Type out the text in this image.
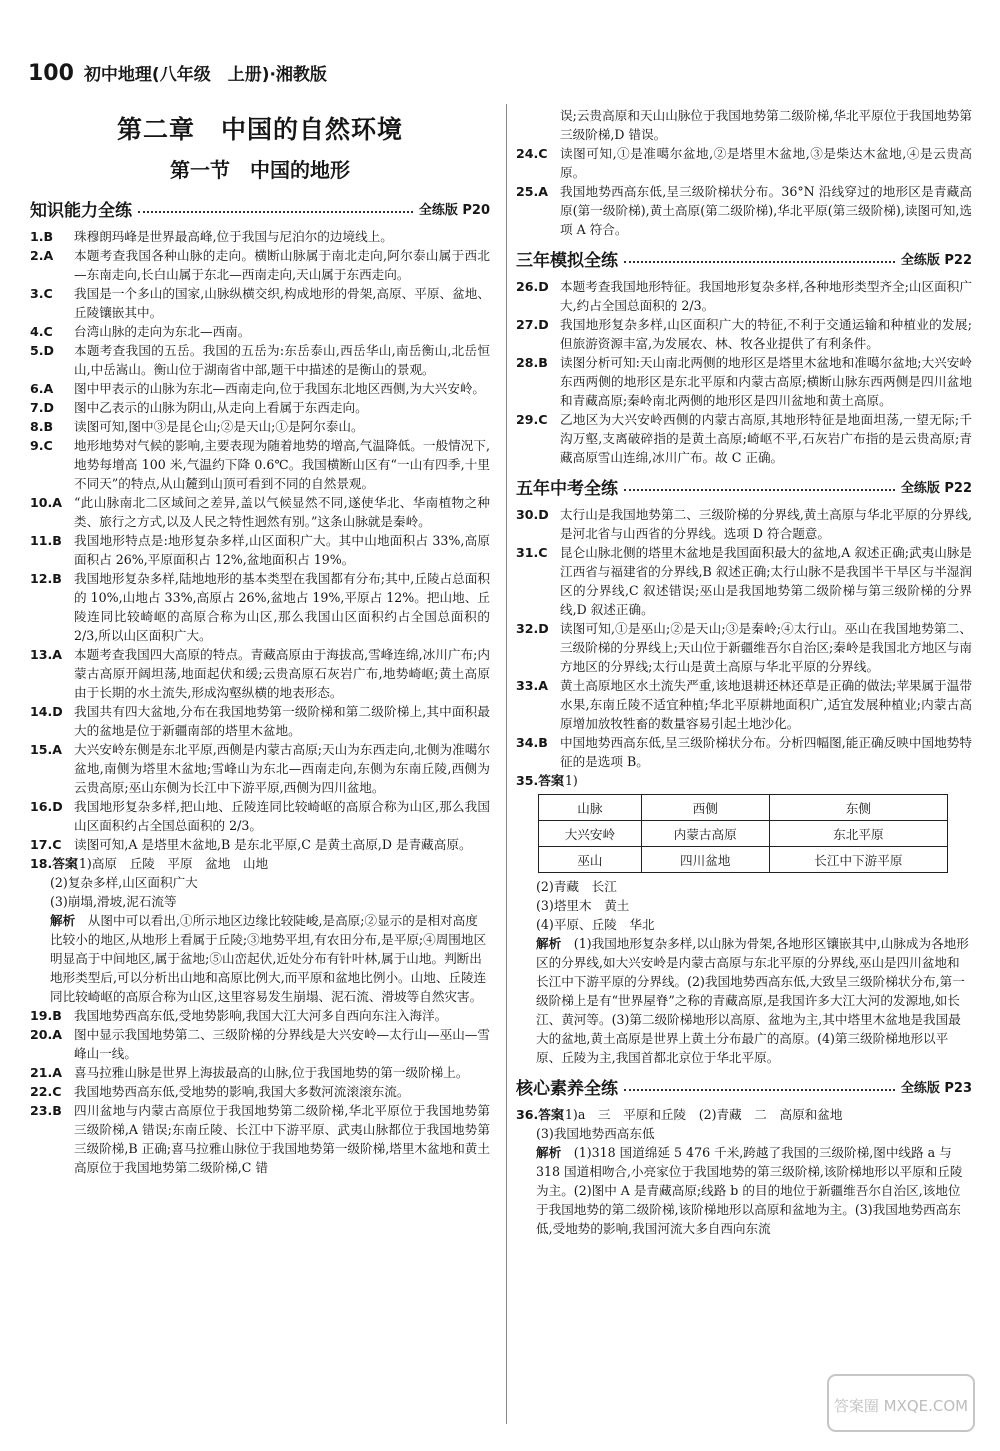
100 初中地理(八年级　上册)·湘教版
第二章　中国的自然环境
第一节　中国的地形
知识能力全练	全练版 P20
1.B	珠穆朗玛峰是世界最高峰,位于我国与尼泊尔的边境线上。
2.A	本题考查我国各种山脉的走向。横断山脉属于南北走向,阿尔泰山属于西北—东南走向,长白山属于东北—西南走向,天山属于东西走向。
3.C	我国是一个多山的国家,山脉纵横交织,构成地形的骨架,高原、平原、盆地、丘陵镶嵌其中。
4.C	台湾山脉的走向为东北—西南。
5.D	本题考查我国的五岳。我国的五岳为:东岳泰山,西岳华山,南岳衡山,北岳恒山,中岳嵩山。衡山位于湖南省中部,题干中描述的是衡山的景观。
6.A	图中甲表示的山脉为东北—西南走向,位于我国东北地区西侧,为大兴安岭。
7.D	图中乙表示的山脉为阴山,从走向上看属于东西走向。
8.B	读图可知,图中③是昆仑山;②是天山;①是阿尔泰山。
9.C	地形地势对气候的影响,主要表现为随着地势的增高,气温降低。一般情况下,地势每增高 100 米,气温约下降 0.6℃。我国横断山区有“一山有四季,十里不同天”的特点,从山麓到山顶可看到不同的自然景观。
10.A “此山脉南北二区域间之差异,盖以气候显然不同,遂使华北、华南植物之种类、旅行之方式,以及人民之特性迥然有别。”这条山脉就是秦岭。
11.B 我国地形特点是:地形复杂多样,山区面积广大。其中山地面积占 33%,高原面积占 26%,平原面积占 12%,盆地面积占 19%。
12.B 我国地形复杂多样,陆地地形的基本类型在我国都有分布;其中,丘陵占总面积的 10%,山地占 33%,高原占 26%,盆地占 19%,平原占 12%。把山地、丘陵连同比较崎岖的高原合称为山区,那么我国山区面积约占全国总面积的 2/3,所以山区面积广大。
13.A 本题考查我国四大高原的特点。青藏高原由于海拔高,雪峰连绵,冰川广布;内蒙古高原开阔坦荡,地面起伏和缓;云贵高原石灰岩广布,地势崎岖;黄土高原由于长期的水土流失,形成沟壑纵横的地表形态。
14.D 我国共有四大盆地,分布在我国地势第一级阶梯和第二级阶梯上,其中面积最大的盆地是位于新疆南部的塔里木盆地。
15.A 大兴安岭东侧是东北平原,西侧是内蒙古高原;天山为东西走向,北侧为准噶尔盆地,南侧为塔里木盆地;雪峰山为东北—西南走向,东侧为东南丘陵,西侧为云贵高原;巫山东侧为长江中下游平原,西侧为四川盆地。
16.D 我国地形复杂多样,把山地、丘陵连同比较崎岖的高原合称为山区,那么我国山区面积约占全国总面积的 2/3。
17.C 读图可知,A 是塔里木盆地,B 是东北平原,C 是黄土高原,D 是青藏高原。
18.答案
(1)高原　丘陵　平原　盆地　山地
(2)复杂多样,山区面积广大
(3)崩塌,滑坡,泥石流等
解析　 从图中可以看出,①所示地区边缘比较陡峻,是高原;②显示的是相对高度比较小的地区,从地形上看属于丘陵;③地势平坦,有农田分布,是平原;④周围地区明显高于中间地区,属于盆地;⑤山峦起伏,近处分布有针叶林,属于山地。判断出地形类型后,可以分析出山地和高原比例大,而平原和盆地比例小。山地、丘陵连同比较崎岖的高原合称为山区,这里容易发生崩塌、泥石流、滑坡等自然灾害。
19.B 我国地势西高东低,受地势影响,我国大江大河多自西向东注入海洋。
20.A 图中显示我国地势第二、三级阶梯的分界线是大兴安岭—太行山—巫山—雪峰山一线。
21.A 喜马拉雅山脉是世界上海拔最高的山脉,位于我国地势的第一级阶梯上。
22.C 我国地势西高东低,受地势的影响,我国大多数河流滚滚东流。
23.B 四川盆地与内蒙古高原位于我国地势第二级阶梯,华北平原位于我国地势第三级阶梯,A 错误;东南丘陵、长江中下游平原、武夷山脉都位于我国地势第三级阶梯,B 正确;喜马拉雅山脉位于我国地势第一级阶梯,塔里木盆地和黄土高原位于我国地势第二级阶梯,C 错
误;云贵高原和天山山脉位于我国地势第二级阶梯,华北平原位于我国地势第三级阶梯,D 错误。
24.C 读图可知,①是准噶尔盆地,②是塔里木盆地,③是柴达木盆地,④是云贵高原。
25.A 我国地势西高东低,呈三级阶梯状分布。36°N 沿线穿过的地形区是青藏高原(第一级阶梯),黄土高原(第二级阶梯),华北平原(第三级阶梯),读图可知,选项 A 符合。
三年模拟全练	全练版 P22
26.D 本题考查我国地形特征。我国地形复杂多样,各种地形类型齐全;山区面积广大,约占全国总面积的 2/3。
27.D 我国地形复杂多样,山区面积广大的特征,不利于交通运输和种植业的发展;但旅游资源丰富,为发展农、林、牧各业提供了有利条件。
28.B 读图分析可知:天山南北两侧的地形区是塔里木盆地和准噶尔盆地;大兴安岭东西两侧的地形区是东北平原和内蒙古高原;横断山脉东西两侧是四川盆地和青藏高原;秦岭南北两侧的地形区是四川盆地和黄土高原。
29.C 乙地区为大兴安岭西侧的内蒙古高原,其地形特征是地面坦荡,一望无际;千沟万壑,支离破碎指的是黄土高原;崎岖不平,石灰岩广布指的是云贵高原;青藏高原雪山连绵,冰川广布。故 C 正确。
五年中考全练	全练版 P22
30.D 太行山是我国地势第二、三级阶梯的分界线,黄土高原与华北平原的分界线,是河北省与山西省的分界线。选项 D 符合题意。
31.C 昆仑山脉北侧的塔里木盆地是我国面积最大的盆地,A 叙述正确;武夷山脉是江西省与福建省的分界线,B 叙述正确;太行山脉不是我国半干旱区与半湿润区的分界线,C 叙述错误;巫山是我国地势第二级阶梯与第三级阶梯的分界线,D 叙述正确。
32.D 读图可知,①是巫山;②是天山;③是秦岭;④太行山。巫山在我国地势第二、三级阶梯的分界线上;天山位于新疆维吾尔自治区;秦岭是我国北方地区与南方地区的分界线;太行山是黄土高原与华北平原的分界线。
33.A 黄土高原地区水土流失严重,该地退耕还林还草是正确的做法;苹果属于温带水果,东南丘陵不适宜种植;华北平原耕地面积广,适宜发展种植业;内蒙古高原增加放牧牲畜的数量容易引起土地沙化。
34.B 中国地势西高东低,呈三级阶梯状分布。分析四幅图,能正确反映中国地势特征的是选项 B。
35.答案
(1)
山脉	西侧	东侧
大兴安岭	内蒙古高原	东北平原
巫山	四川盆地	长江中下游平原
(2)青藏　长江
(3)塔里木　黄土
(4)平原、丘陵　华北
解析　 (1)我国地形复杂多样,以山脉为骨架,各地形区镶嵌其中,山脉成为各地形区的分界线,如大兴安岭是内蒙古高原与东北平原的分界线,巫山是四川盆地和长江中下游平原的分界线。(2)我国地势西高东低,大致呈三级阶梯状分布,第一级阶梯上是有“世界屋脊”之称的青藏高原,是我国许多大江大河的发源地,如长江、黄河等。(3)第二级阶梯地形以高原、盆地为主,其中塔里木盆地是我国最大的盆地,黄土高原是世界上黄土分布最广的高原。(4)第三级阶梯地形以平原、丘陵为主,我国首都北京位于华北平原。
核心素养全练	全练版 P23
36.答案
(1)a　三　平原和丘陵　(2)青藏　二　高原和盆地
(3)我国地势西高东低
解析　 (1)318 国道绵延 5 476 千米,跨越了我国的三级阶梯,图中线路 a 与 318 国道相吻合,小亮家位于我国地势的第三级阶梯,该阶梯地形以平原和丘陵为主。(2)图中 A 是青藏高原;线路 b 的目的地位于新疆维吾尔自治区,该地位于我国地势的第二级阶梯,该阶梯地形以高原和盆地为主。(3)我国地势西高东低,受地势的影响,我国河流大多自西向东流
答案圈 MXQE.COM
